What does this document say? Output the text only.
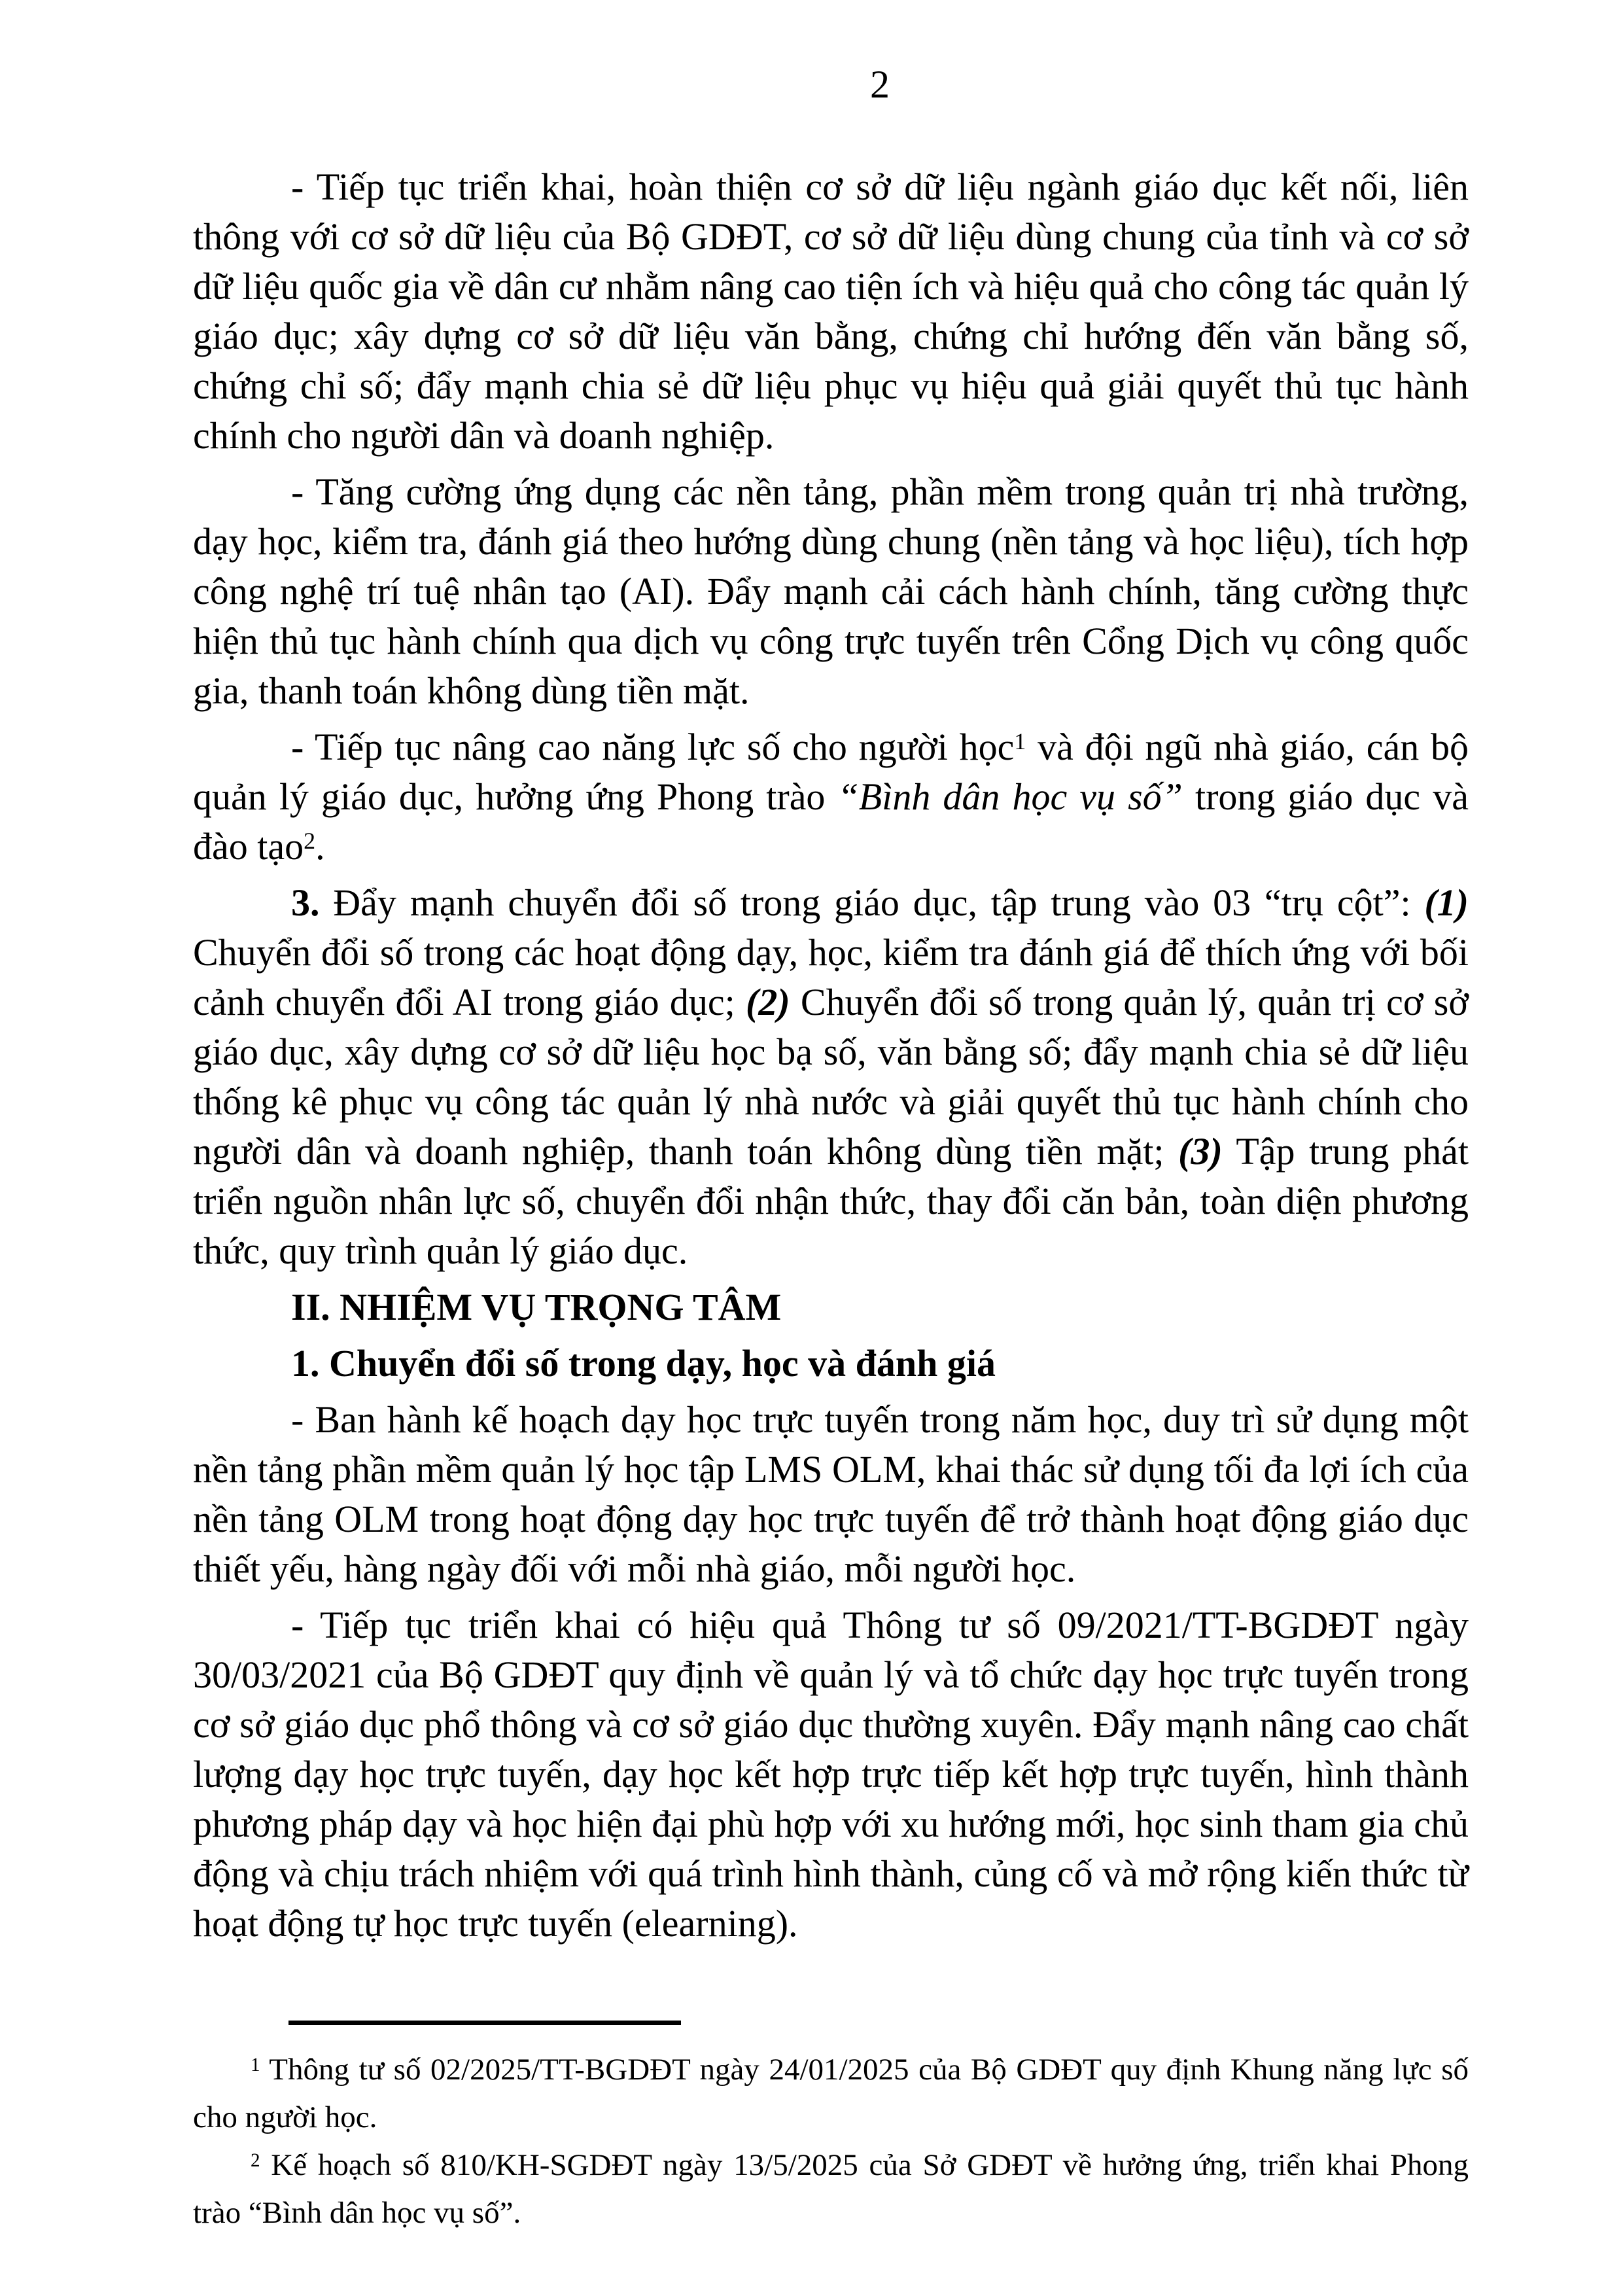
2

- Tiếp tục triển khai, hoàn thiện cơ sở dữ liệu ngành giáo dục kết nối, liên thông với cơ sở dữ liệu của Bộ GDĐT, cơ sở dữ liệu dùng chung của tỉnh và cơ sở dữ liệu quốc gia về dân cư nhằm nâng cao tiện ích và hiệu quả cho công tác quản lý giáo dục; xây dựng cơ sở dữ liệu văn bằng, chứng chỉ hướng đến văn bằng số, chứng chỉ số; đẩy mạnh chia sẻ dữ liệu phục vụ hiệu quả giải quyết thủ tục hành chính cho người dân và doanh nghiệp.

- Tăng cường ứng dụng các nền tảng, phần mềm trong quản trị nhà trường, dạy học, kiểm tra, đánh giá theo hướng dùng chung (nền tảng và học liệu), tích hợp công nghệ trí tuệ nhân tạo (AI). Đẩy mạnh cải cách hành chính, tăng cường thực hiện thủ tục hành chính qua dịch vụ công trực tuyến trên Cổng Dịch vụ công quốc gia, thanh toán không dùng tiền mặt.

- Tiếp tục nâng cao năng lực số cho người học$^1$ và đội ngũ nhà giáo, cán bộ quản lý giáo dục, hưởng ứng Phong trào “Bình dân học vụ số” trong giáo dục và đào tạo$^2$.

3. Đẩy mạnh chuyển đổi số trong giáo dục, tập trung vào 03 “trụ cột”: (1) Chuyển đổi số trong các hoạt động dạy, học, kiểm tra đánh giá để thích ứng với bối cảnh chuyển đổi AI trong giáo dục; (2) Chuyển đổi số trong quản lý, quản trị cơ sở giáo dục, xây dựng cơ sở dữ liệu học bạ số, văn bằng số; đẩy mạnh chia sẻ dữ liệu thống kê phục vụ công tác quản lý nhà nước và giải quyết thủ tục hành chính cho người dân và doanh nghiệp, thanh toán không dùng tiền mặt; (3) Tập trung phát triển nguồn nhân lực số, chuyển đổi nhận thức, thay đổi căn bản, toàn diện phương thức, quy trình quản lý giáo dục.

II. NHIỆM VỤ TRỌNG TÂM

1. Chuyển đổi số trong dạy, học và đánh giá

- Ban hành kế hoạch dạy học trực tuyến trong năm học, duy trì sử dụng một nền tảng phần mềm quản lý học tập LMS OLM, khai thác sử dụng tối đa lợi ích của nền tảng OLM trong hoạt động dạy học trực tuyến để trở thành hoạt động giáo dục thiết yếu, hàng ngày đối với mỗi nhà giáo, mỗi người học.

- Tiếp tục triển khai có hiệu quả Thông tư số 09/2021/TT-BGDĐT ngày 30/03/2021 của Bộ GDĐT quy định về quản lý và tổ chức dạy học trực tuyến trong cơ sở giáo dục phổ thông và cơ sở giáo dục thường xuyên. Đẩy mạnh nâng cao chất lượng dạy học trực tuyến, dạy học kết hợp trực tiếp kết hợp trực tuyến, hình thành phương pháp dạy và học hiện đại phù hợp với xu hướng mới, học sinh tham gia chủ động và chịu trách nhiệm với quá trình hình thành, củng cố và mở rộng kiến thức từ hoạt động tự học trực tuyến (elearning).

$^1$ Thông tư số 02/2025/TT-BGDĐT ngày 24/01/2025 của Bộ GDĐT quy định Khung năng lực số cho người học.

$^2$ Kế hoạch số 810/KH-SGDĐT ngày 13/5/2025 của Sở GDĐT về hưởng ứng, triển khai Phong trào “Bình dân học vụ số”.
